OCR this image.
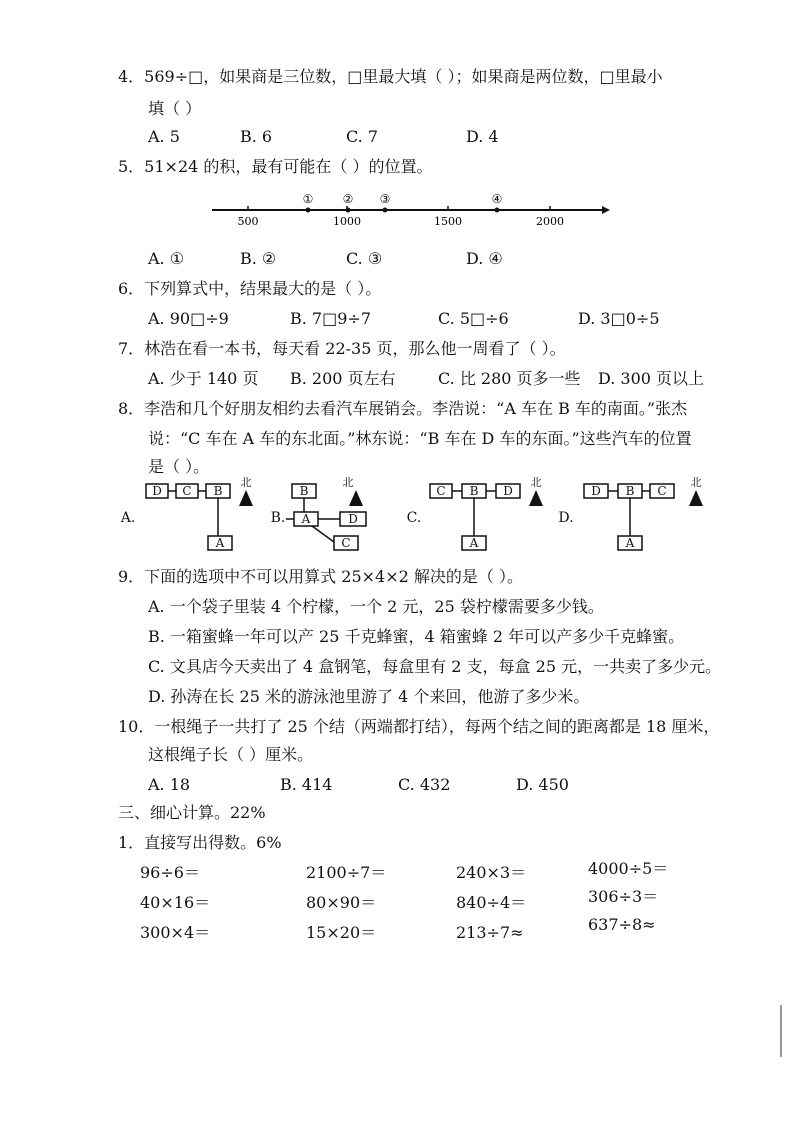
4．569÷□，如果商是三位数，□里最大填（ ）；如果商是两位数，□里最小
填（ ）
A. 5	B. 6	C. 7	D. 4
5．51×24 的积，最有可能在（ ）的位置。
500	1000	1500	2000
① ② ③	④
A. ①	B. ②	C. ③	D. ④
6．下列算式中，结果最大的是（ ）。
A. 90□÷9	B. 7□9÷7	C. 5□÷6	D. 3□0÷5
7．林浩在看一本书，每天看 22-35 页，那么他一周看了（ ）。
A. 少于 140 页 B. 200 页左右	C. 比 280 页多一些 D. 300 页以上
8．李浩和几个好朋友相约去看汽车展销会。李浩说：“A 车在 B 车的南面。”张杰
说：“C 车在 A 车的东北面。”林东说：“B 车在 D 车的东面。”这些汽车的位置
是（ ）。
A.
D C B
A
北
B.
B
A	D
C
北
C.
C B D
A
北
D.
D B C
A
北
9．下面的选项中不可以用算式 25×4×2 解决的是（ ）。
A. 一个袋子里装 4 个柠檬，一个 2 元，25 袋柠檬需要多少钱。
B. 一箱蜜蜂一年可以产 25 千克蜂蜜，4 箱蜜蜂 2 年可以产多少千克蜂蜜。
C. 文具店今天卖出了 4 盒钢笔，每盒里有 2 支，每盒 25 元，一共卖了多少元。
D. 孙涛在长 25 米的游泳池里游了 4 个来回，他游了多少米。
10．一根绳子一共打了 25 个结（两端都打结），每两个结之间的距离都是 18 厘米，
这根绳子长（ ）厘米。
A. 18	B. 414	C. 432	D. 450
三、细心计算。22%
1．直接写出得数。6%
96÷6＝	2100÷7＝	240×3＝	4000÷5＝
40×16＝	80×90＝	840÷4＝	306÷3＝
300×4＝	15×20＝	213÷7≈	637÷8≈
